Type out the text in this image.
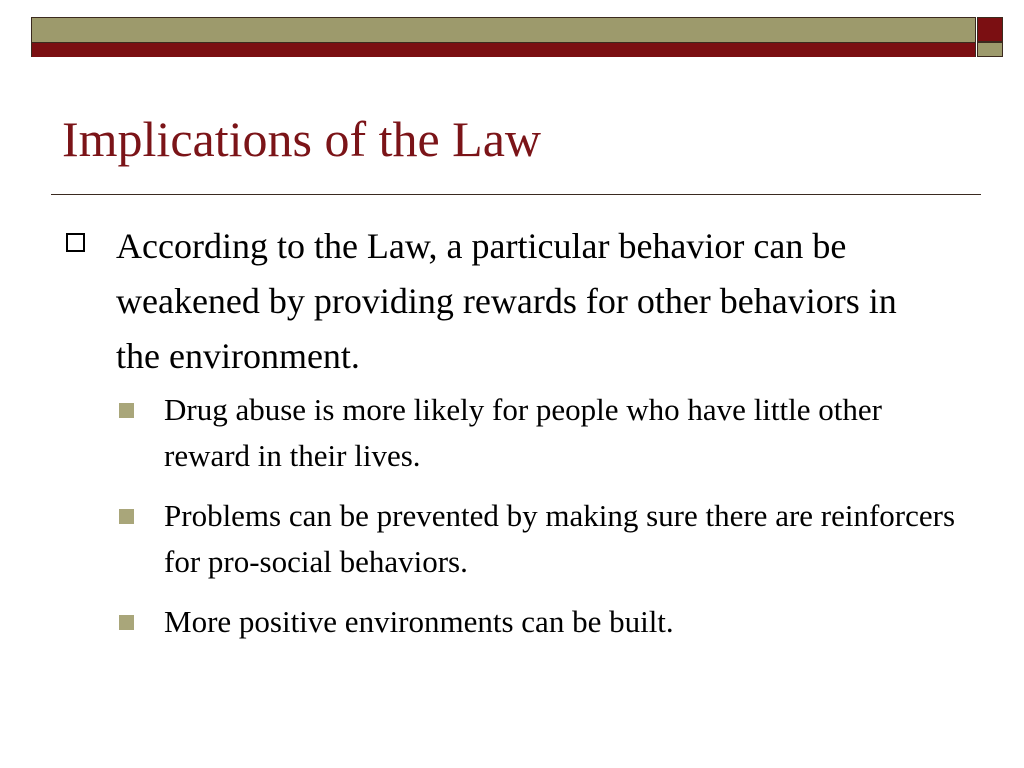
Implications of the Law
According to the Law, a particular behavior can be weakened by providing rewards for other behaviors in the environment.
Drug abuse is more likely for people who have little other reward in their lives.
Problems can be prevented by making sure there are reinforcers for pro-social behaviors.
More positive environments can be built.
